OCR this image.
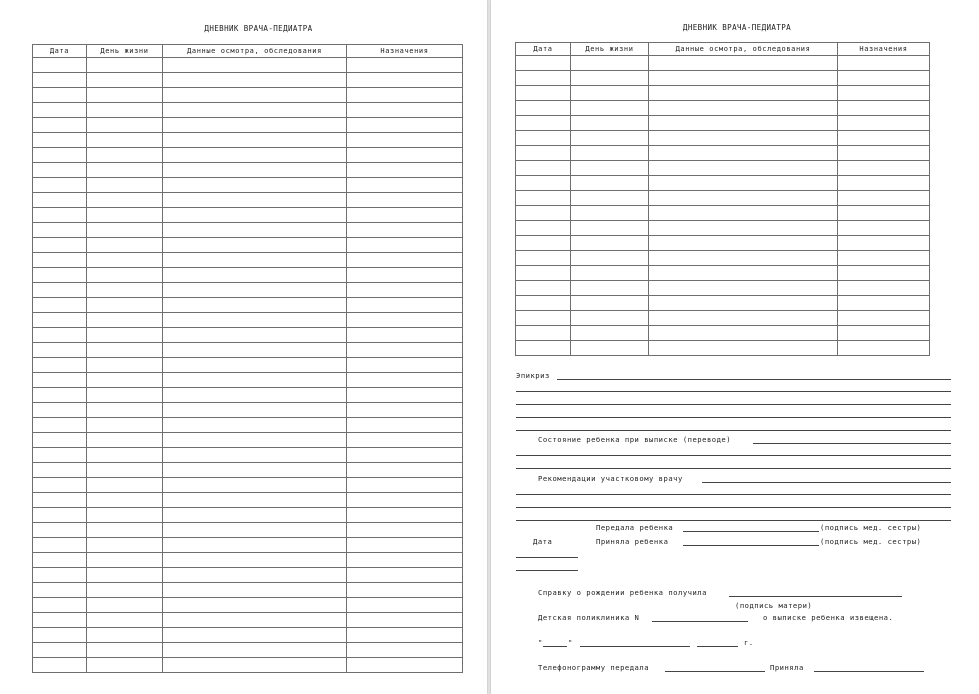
ДНЕВНИК ВРАЧА-ПЕДИАТРА
Дата	День жизни	Данные осмотра, обследования	Назначения

ДНЕВНИК ВРАЧА-ПЕДИАТРА
Дата	День жизни	Данные осмотра, обследования	Назначения

Эпикриз
Состояние ребенка при выписке (переводе)
Рекомендации участковому врачу
Передала ребенка	(подпись мед. сестры)
Дата	Приняла ребенка	(подпись мед. сестры)
Справку о рождении ребенка получила
(подпись матери)
Детская поликлиника N	о выписке ребенка извещена.
"	"	г.
Телефонограмму передала	Приняла
